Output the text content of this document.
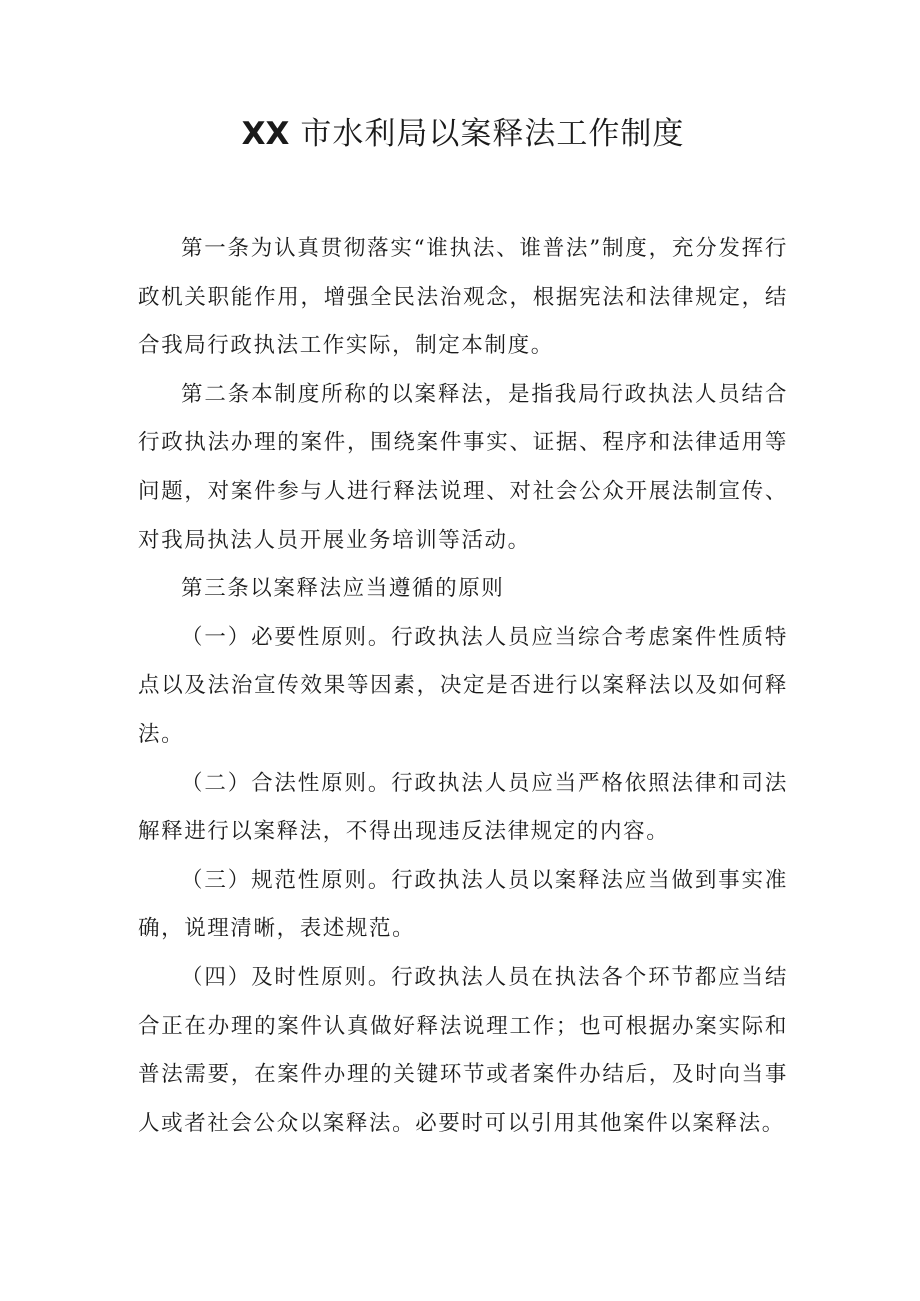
XX 市水利局以案释法工作制度

第一条为认真贯彻落实“谁执法、谁普法”制度，充分发挥行政机关职能作用，增强全民法治观念，根据宪法和法律规定，结合我局行政执法工作实际，制定本制度。

第二条本制度所称的以案释法，是指我局行政执法人员结合行政执法办理的案件，围绕案件事实、证据、程序和法律适用等问题，对案件参与人进行释法说理、对社会公众开展法制宣传、对我局执法人员开展业务培训等活动。

第三条以案释法应当遵循的原则

（一）必要性原则。行政执法人员应当综合考虑案件性质特点以及法治宣传效果等因素，决定是否进行以案释法以及如何释法。

（二）合法性原则。行政执法人员应当严格依照法律和司法解释进行以案释法，不得出现违反法律规定的内容。

（三）规范性原则。行政执法人员以案释法应当做到事实准确，说理清晰，表述规范。

（四）及时性原则。行政执法人员在执法各个环节都应当结合正在办理的案件认真做好释法说理工作；也可根据办案实际和普法需要，在案件办理的关键环节或者案件办结后，及时向当事人或者社会公众以案释法。必要时可以引用其他案件以案释法。
